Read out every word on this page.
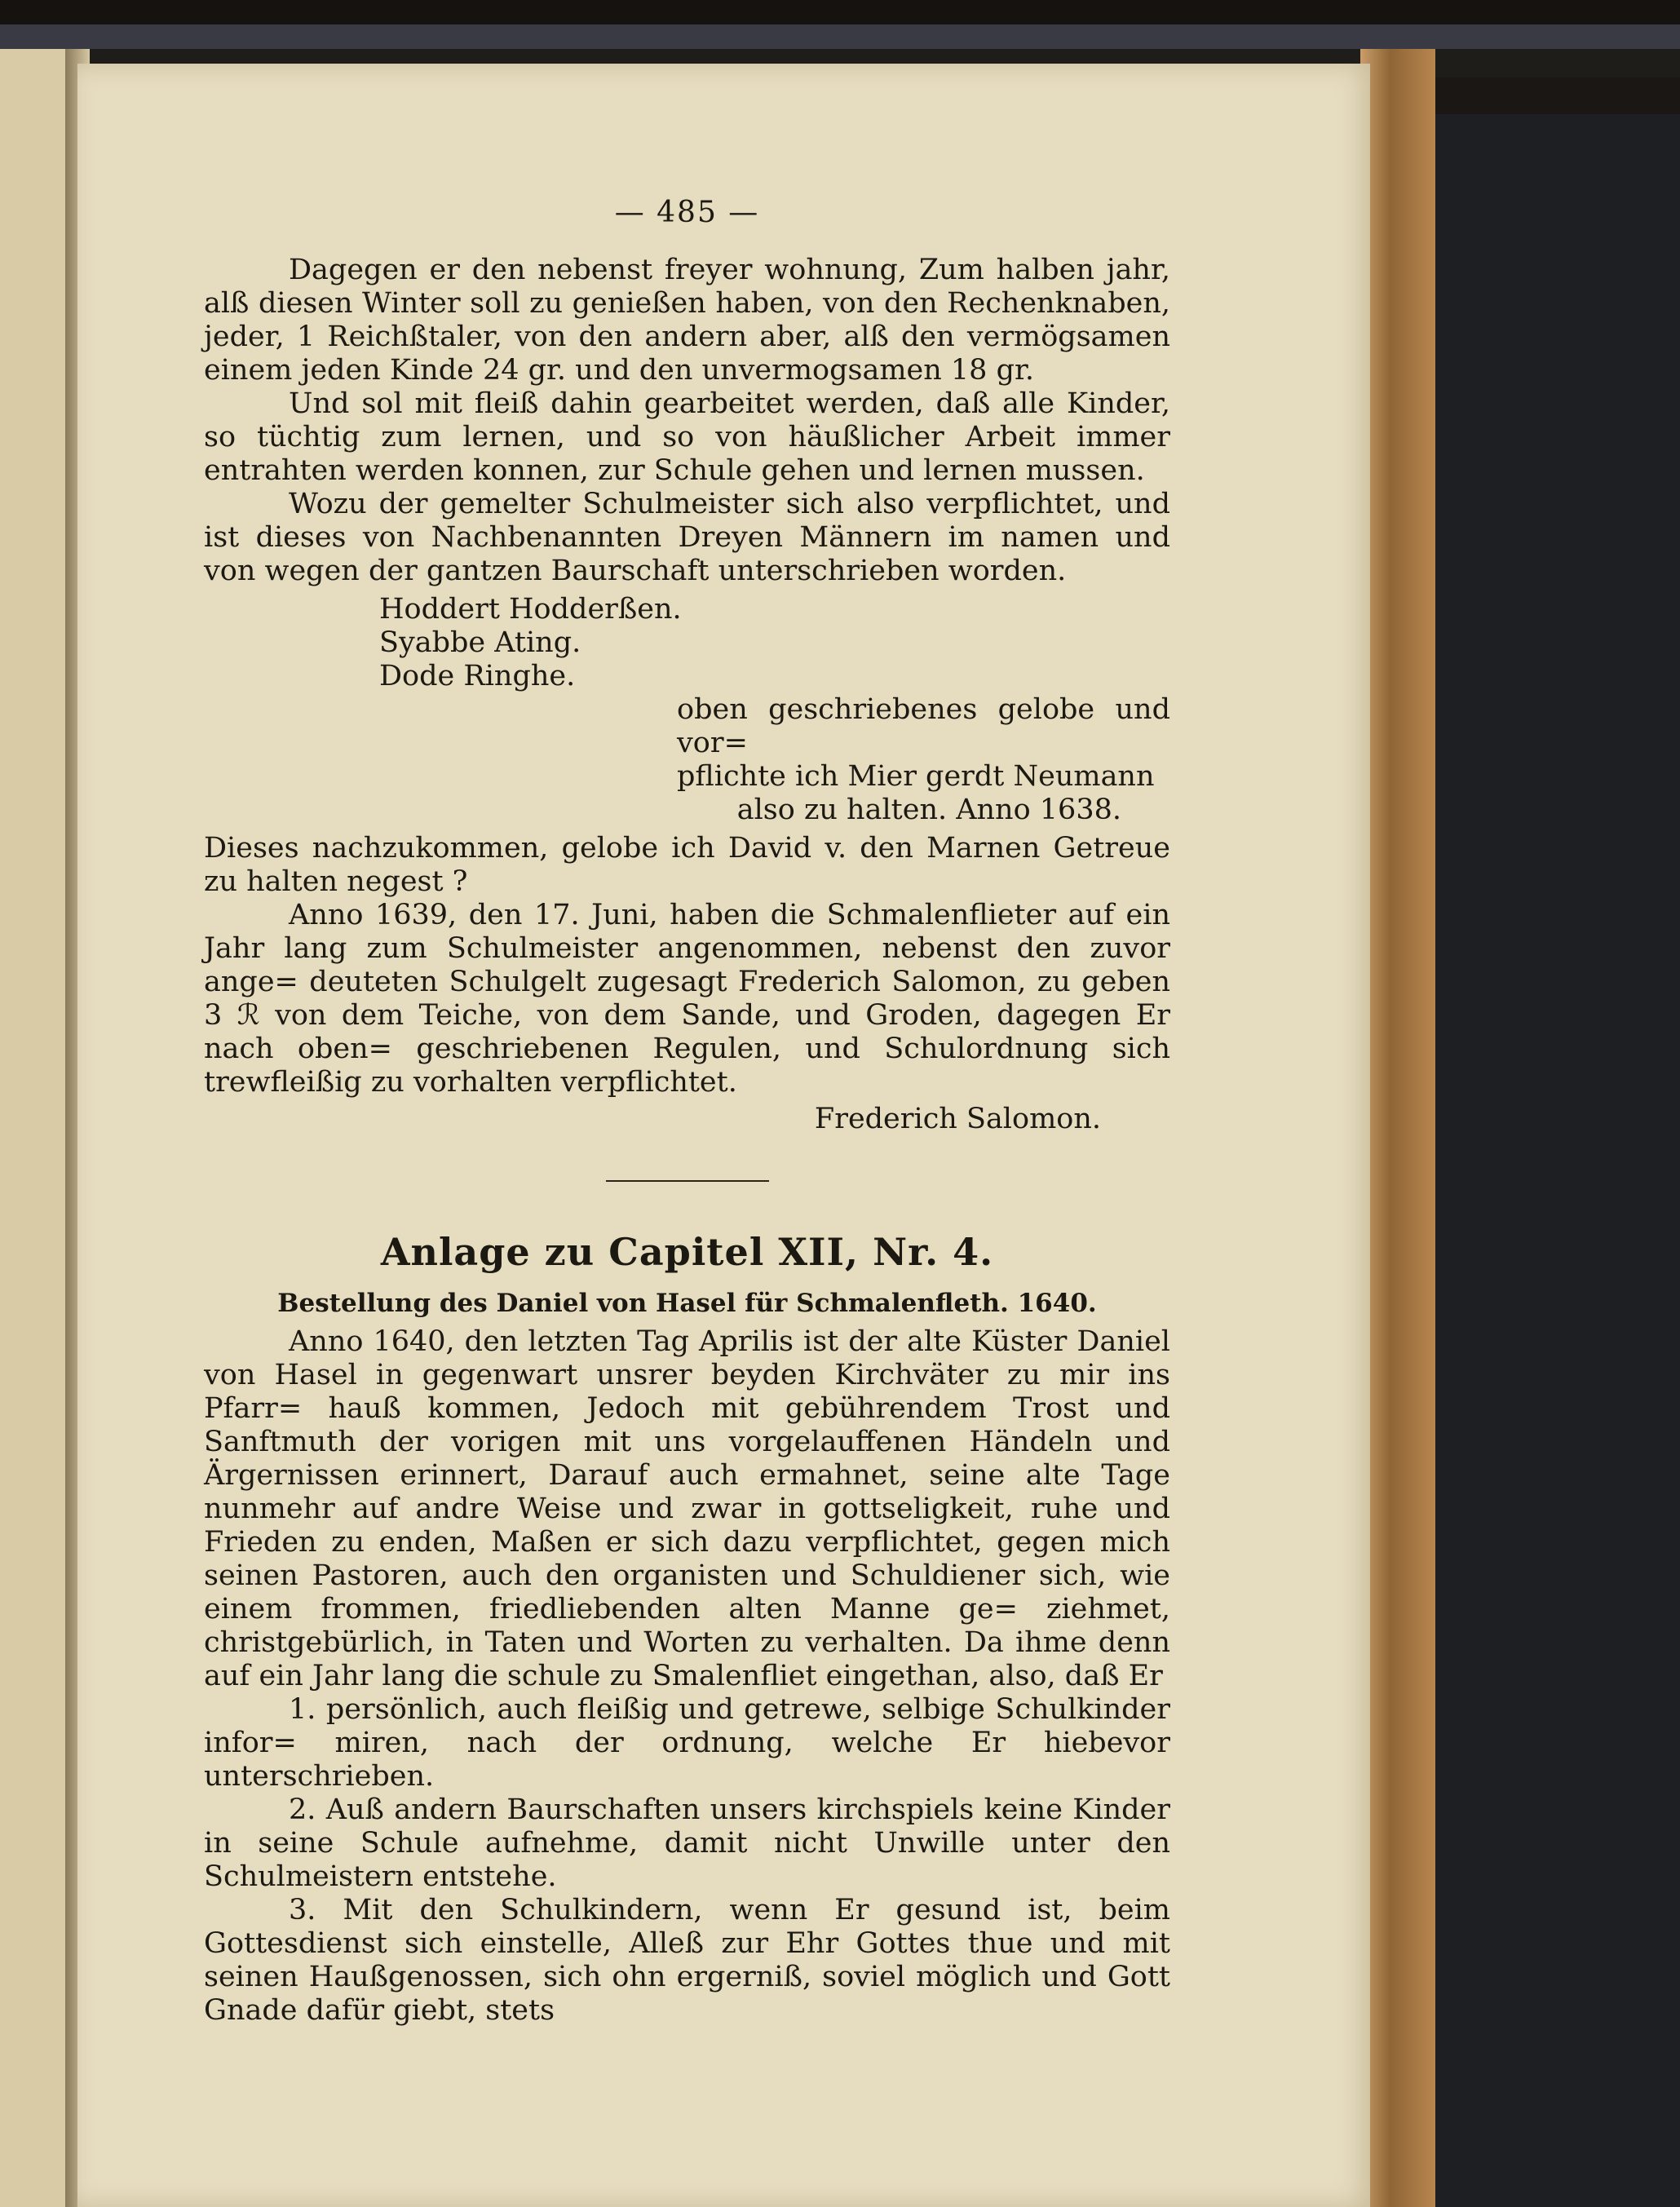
— 485 —
Dagegen er den nebenst freyer wohnung, Zum halben jahr, alß diesen Winter soll zu genießen haben, von den Rechenknaben, jeder, 1 Reichßtaler, von den andern aber, alß den vermögsamen einem jeden Kinde 24 gr. und den unvermogsamen 18 gr.
Und sol mit fleiß dahin gearbeitet werden, daß alle Kinder, so tüchtig zum lernen, und so von häußlicher Arbeit immer entrahten werden konnen, zur Schule gehen und lernen mussen.
Wozu der gemelter Schulmeister sich also verpflichtet, und ist dieses von Nachbenannten Dreyen Männern im namen und von wegen der gantzen Baurschaft unterschrieben worden.
Hoddert Hodderßen.
Syabbe Ating.
Dode Ringhe.
oben geschriebenes gelobe und vor=
pflichte ich Mier gerdt Neumann
also zu halten. Anno 1638.
Dieses nachzukommen, gelobe ich David v. den Marnen Getreue zu halten negest ?
Anno 1639, den 17. Juni, haben die Schmalenflieter auf ein Jahr lang zum Schulmeister angenommen, nebenst den zuvor ange= deuteten Schulgelt zugesagt Frederich Salomon, zu geben 3 ℛ von dem Teiche, von dem Sande, und Groden, dagegen Er nach oben= geschriebenen Regulen, und Schulordnung sich trewfleißig zu vorhalten verpflichtet.
Frederich Salomon.
Anlage zu Capitel XII, Nr. 4.
Bestellung des Daniel von Hasel für Schmalenfleth. 1640.
Anno 1640, den letzten Tag Aprilis ist der alte Küster Daniel von Hasel in gegenwart unsrer beyden Kirchväter zu mir ins Pfarr= hauß kommen, Jedoch mit gebührendem Trost und Sanftmuth der vorigen mit uns vorgelauffenen Händeln und Ärgernissen erinnert, Darauf auch ermahnet, seine alte Tage nunmehr auf andre Weise und zwar in gottseligkeit, ruhe und Frieden zu enden, Maßen er sich dazu verpflichtet, gegen mich seinen Pastoren, auch den organisten und Schuldiener sich, wie einem frommen, friedliebenden alten Manne ge= ziehmet, christgebürlich, in Taten und Worten zu verhalten. Da ihme denn auf ein Jahr lang die schule zu Smalenfliet eingethan, also, daß Er
1. persönlich, auch fleißig und getrewe, selbige Schulkinder infor= miren, nach der ordnung, welche Er hiebevor unterschrieben.
2. Auß andern Baurschaften unsers kirchspiels keine Kinder in seine Schule aufnehme, damit nicht Unwille unter den Schulmeistern entstehe.
3. Mit den Schulkindern, wenn Er gesund ist, beim Gottesdienst sich einstelle, Alleß zur Ehr Gottes thue und mit seinen Haußgenossen, sich ohn ergerniß, soviel möglich und Gott Gnade dafür giebt, stets
